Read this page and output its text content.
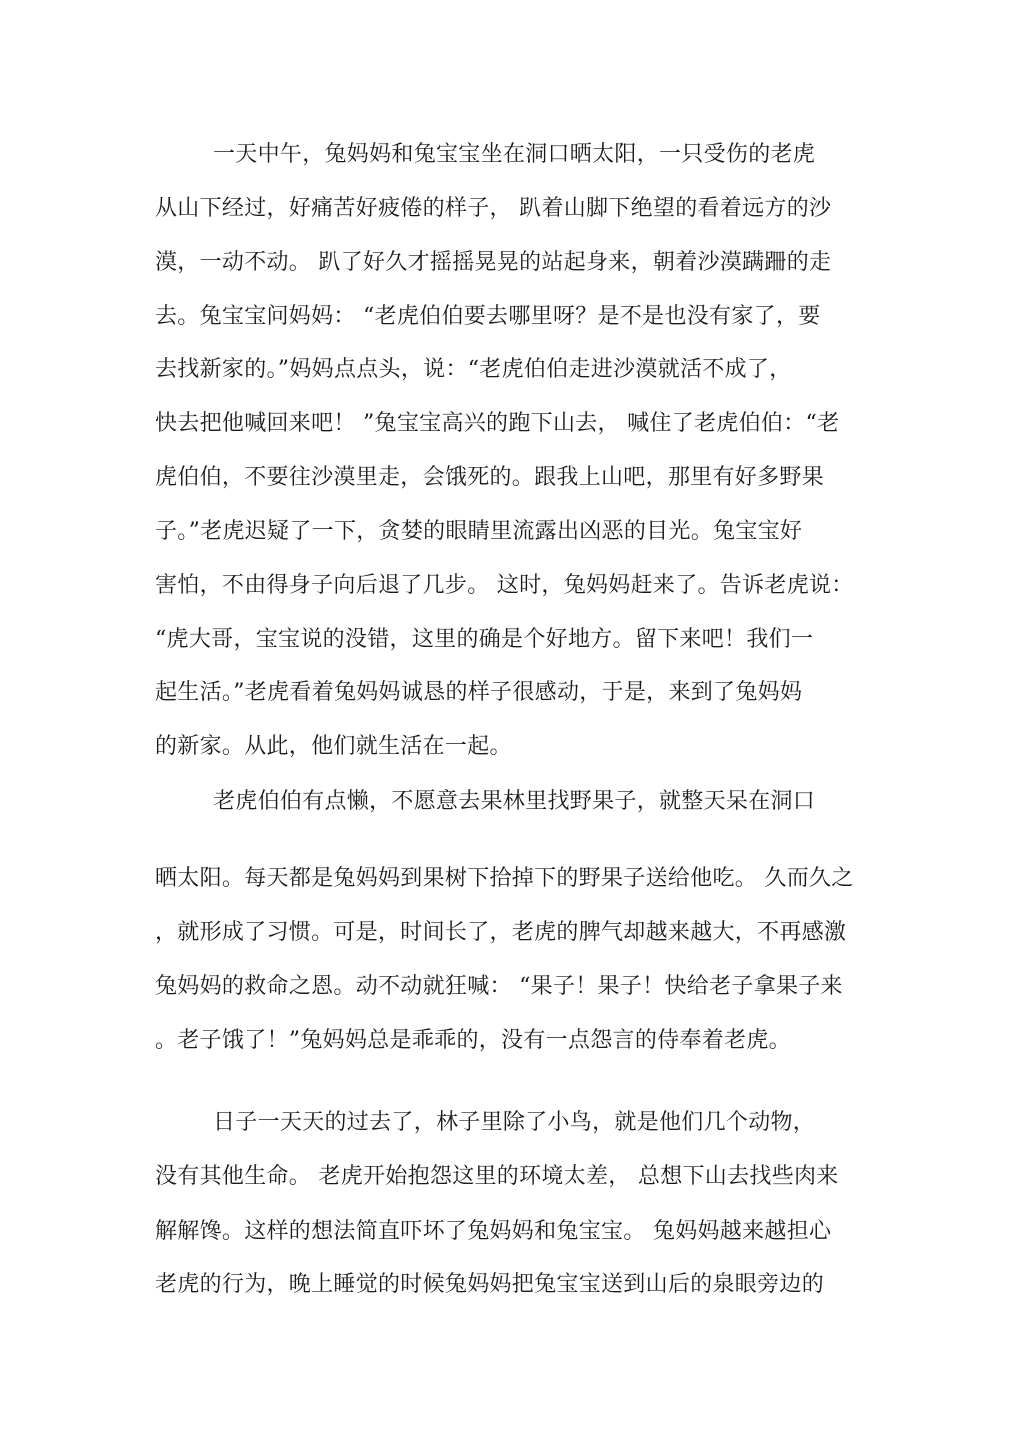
一天中午，兔妈妈和兔宝宝坐在洞口晒太阳，一只受伤的老虎

从山下经过，好痛苦好疲倦的样子， 趴着山脚下绝望的看着远方的沙

漠，一动不动。 趴了好久才摇摇晃晃的站起身来，朝着沙漠蹒跚的走

去。兔宝宝问妈妈： “老虎伯伯要去哪里呀？是不是也没有家了，要

去找新家的。”妈妈点点头，说：“老虎伯伯走进沙漠就活不成了，

快去把他喊回来吧！ ”兔宝宝高兴的跑下山去， 喊住了老虎伯伯：“老

虎伯伯，不要往沙漠里走，会饿死的。跟我上山吧，那里有好多野果

子。”老虎迟疑了一下，贪婪的眼睛里流露出凶恶的目光。兔宝宝好

害怕，不由得身子向后退了几步。 这时，兔妈妈赶来了。告诉老虎说：

“虎大哥，宝宝说的没错，这里的确是个好地方。留下来吧！我们一

起生活。”老虎看着兔妈妈诚恳的样子很感动，于是，来到了兔妈妈

的新家。从此，他们就生活在一起。

老虎伯伯有点懒，不愿意去果林里找野果子，就整天呆在洞口

晒太阳。每天都是兔妈妈到果树下拾掉下的野果子送给他吃。 久而久之

，就形成了习惯。可是，时间长了，老虎的脾气却越来越大，不再感激

兔妈妈的救命之恩。动不动就狂喊： “果子！果子！快给老子拿果子来

。老子饿了！”兔妈妈总是乖乖的，没有一点怨言的侍奉着老虎。

日子一天天的过去了，林子里除了小鸟，就是他们几个动物，

没有其他生命。 老虎开始抱怨这里的环境太差， 总想下山去找些肉来

解解馋。这样的想法简直吓坏了兔妈妈和兔宝宝。 兔妈妈越来越担心

老虎的行为，晚上睡觉的时候兔妈妈把兔宝宝送到山后的泉眼旁边的
